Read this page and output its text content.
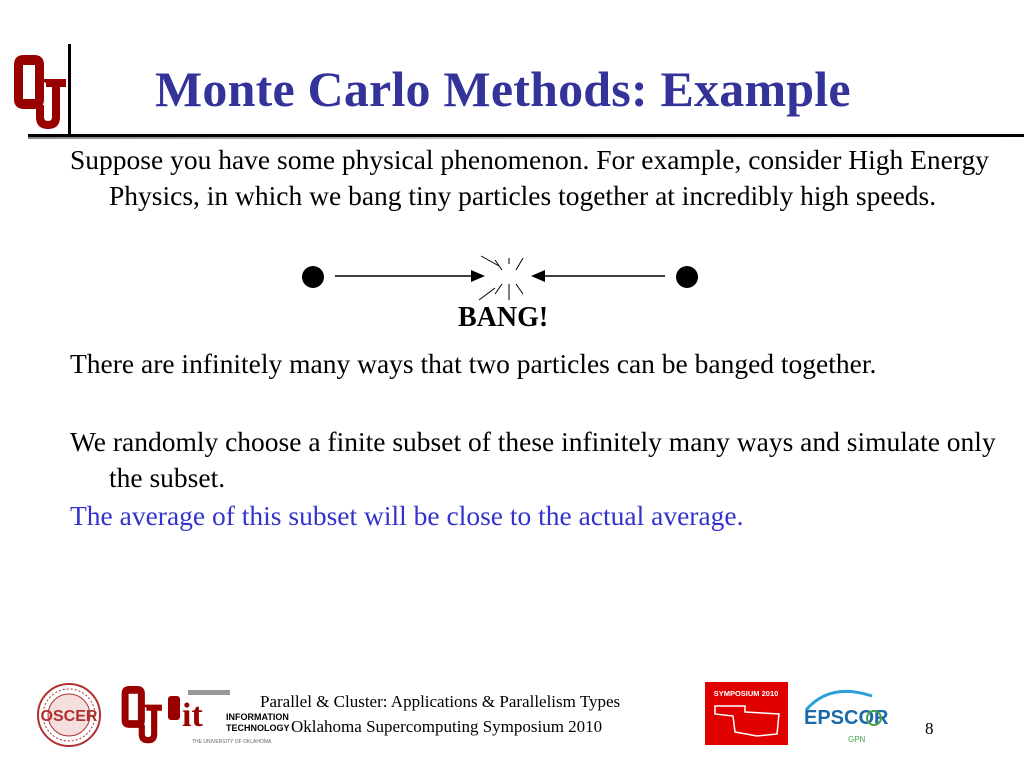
Monte Carlo Methods: Example
Suppose you have some physical phenomenon. For example, consider High Energy Physics, in which we bang tiny particles together at incredibly high speeds.
BANG!
There are infinitely many ways that two particles can be banged together.
We randomly choose a finite subset of these infinitely many ways and simulate only the subset.
The average of this subset will be close to the actual average.
OSCER it	INFORMATION
TECHNOLOGY
THE UNIVERSITY OF OKLAHOMA
Parallel & Cluster: Applications & Parallelism Types
Oklahoma Supercomputing Symposium 2010
SYMPOSIUM 2010
EPSCOR
GPN
8
